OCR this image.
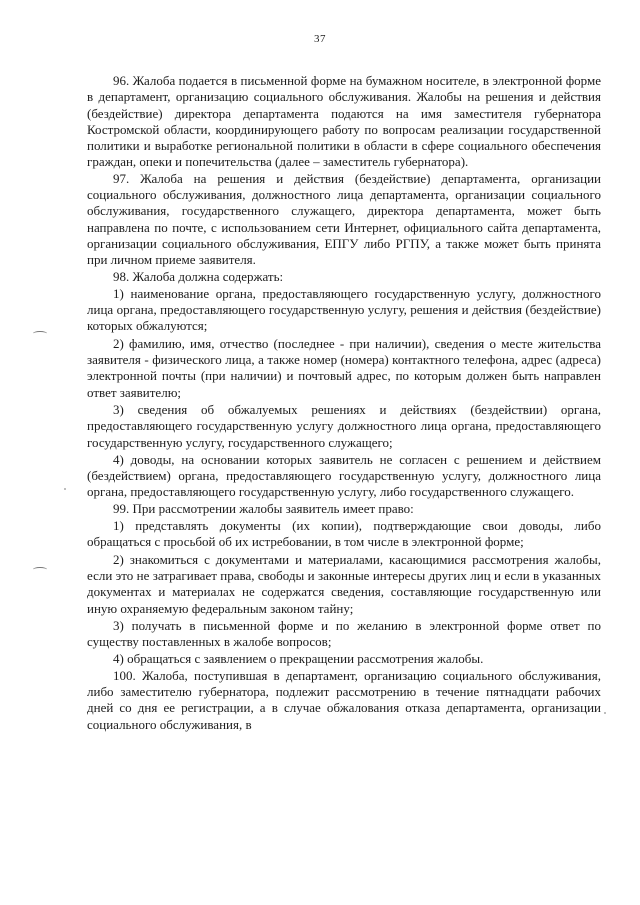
37

96. Жалоба подается в письменной форме на бумажном носителе, в электронной форме в департамент, организацию социального обслуживания. Жалобы на решения и действия (бездействие) директора департамента подаются на имя заместителя губернатора Костромской области, координирующего работу по вопросам реализации государственной политики и выработке региональной политики в области в сфере социального обеспечения граждан, опеки и попечительства (далее – заместитель губернатора).

97. Жалоба на решения и действия (бездействие) департамента, организации социального обслуживания, должностного лица департамента, организации социального обслуживания, государственного служащего, директора департамента, может быть направлена по почте, с использованием сети Интернет, официального сайта департамента, организации социального обслуживания, ЕПГУ либо РГПУ, а также может быть принята при личном приеме заявителя.

98. Жалоба должна содержать:

1) наименование органа, предоставляющего государственную услугу, должностного лица органа, предоставляющего государственную услугу, решения и действия (бездействие) которых обжалуются;

2) фамилию, имя, отчество (последнее - при наличии), сведения о месте жительства заявителя - физического лица, а также номер (номера) контактного телефона, адрес (адреса) электронной почты (при наличии) и почтовый адрес, по которым должен быть направлен ответ заявителю;

3) сведения об обжалуемых решениях и действиях (бездействии) органа, предоставляющего государственную услугу должностного лица органа, предоставляющего государственную услугу, государственного служащего;

4) доводы, на основании которых заявитель не согласен с решением и действием (бездействием) органа, предоставляющего государственную услугу, должностного лица органа, предоставляющего государственную услугу, либо государственного служащего.

99. При рассмотрении жалобы заявитель имеет право:

1) представлять документы (их копии), подтверждающие свои доводы, либо обращаться с просьбой об их истребовании, в том числе в электронной форме;

2) знакомиться с документами и материалами, касающимися рассмотрения жалобы, если это не затрагивает права, свободы и законные интересы других лиц и если в указанных документах и материалах не содержатся сведения, составляющие государственную или иную охраняемую федеральным законом тайну;

3) получать в письменной форме и по желанию в электронной форме ответ по существу поставленных в жалобе вопросов;

4) обращаться с заявлением о прекращении рассмотрения жалобы.

100. Жалоба, поступившая в департамент, организацию социального обслуживания, либо заместителю губернатора, подлежит рассмотрению в течение пятнадцати рабочих дней со дня ее регистрации, а в случае обжалования отказа департамента, организации социального обслуживания, в
